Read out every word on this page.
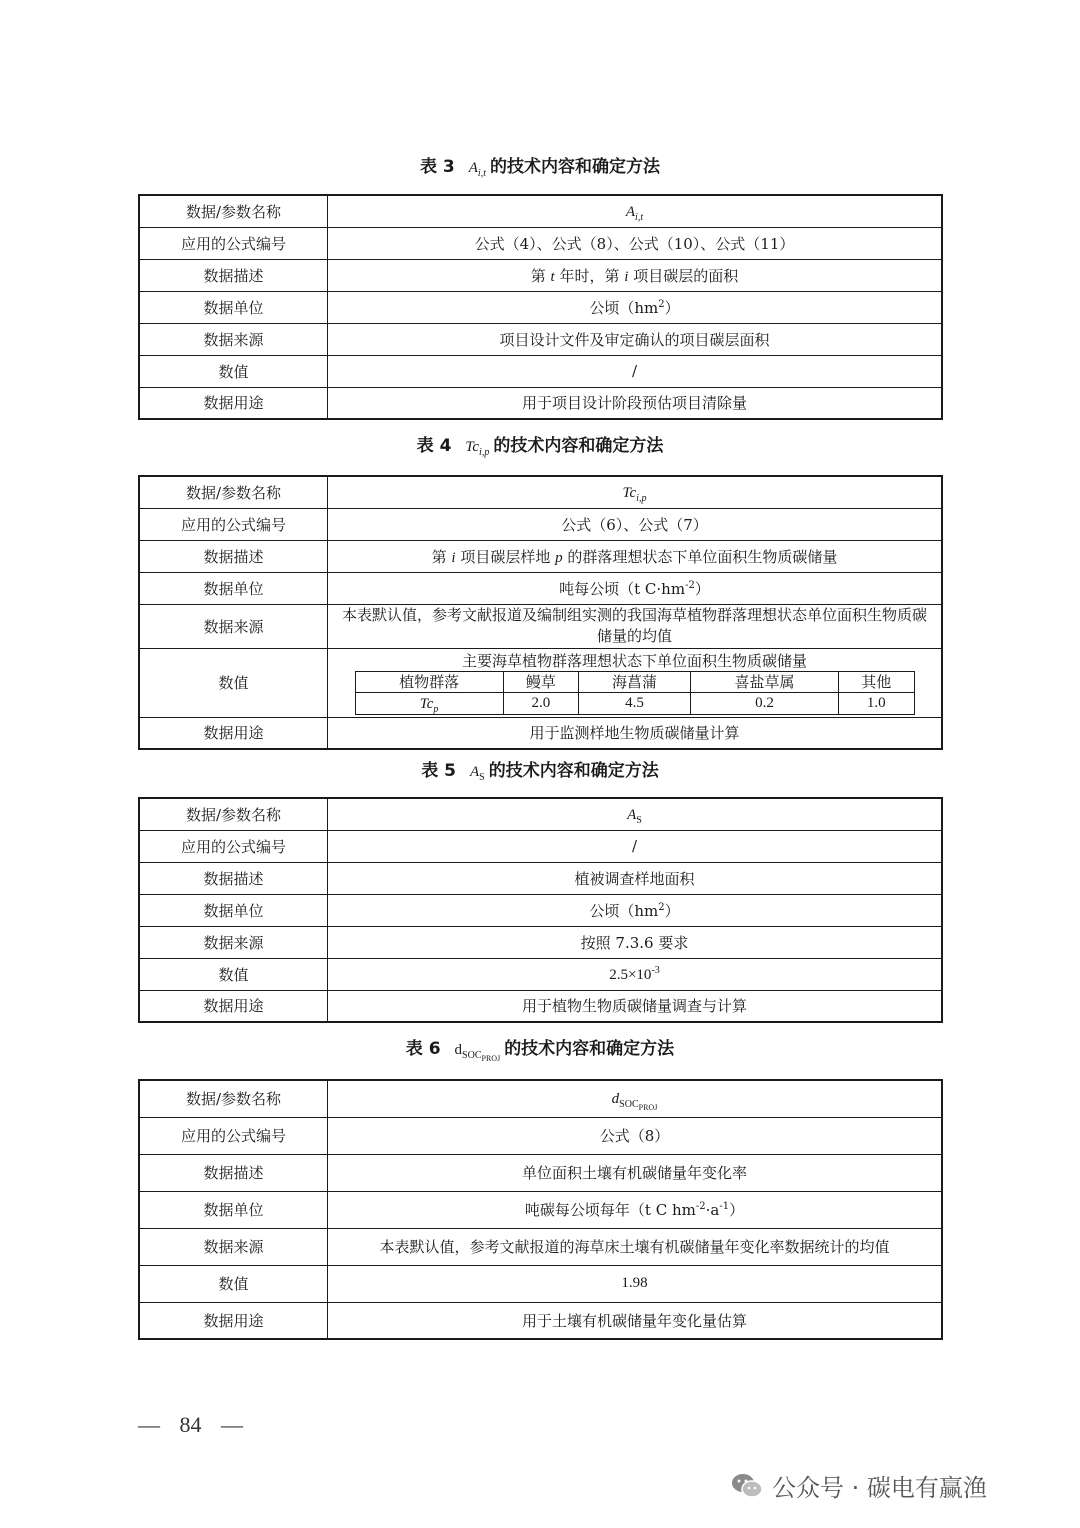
表 3 $A_{i,t}$ 的技术内容和确定方法
数据/参数名称	$A_{i,t}$
应用的公式编号	公式（4）、公式（8）、公式（10）、公式（11）
数据描述	第 t 年时，第 i 项目碳层的面积
数据单位	公顷$(hm^2)$
数据来源	项目设计文件及审定确认的项目碳层面积
数值	/
数据用途	用于项目设计阶段预估项目清除量
表 4 $Tc_{i,p}$ 的技术内容和确定方法
数据/参数名称	$Tc_{i,p}$
应用的公式编号	公式（6）、公式（7）
数据描述	第 i 项目碳层样地 p 的群落理想状态下单位面积生物质碳储量
数据单位	吨每公顷（t $C\cdot hm^{-2}$）
数据来源	本表默认值，参考文献报道及编制组实测的我国海草植物群落理想状态单位面积生物质碳储量的均值
数值	
主要海草植物群落理想状态下单位面积生物质碳储量
植物群落	鳗草	海菖蒲	喜盐草属	其他
$Tc_p$	2.0	4.5	0.2	1.0

数据用途	用于监测样地生物质碳储量计算
表 5 $A_S$ 的技术内容和确定方法
数据/参数名称	$A_S$
应用的公式编号	/
数据描述	植被调查样地面积
数据单位	公顷$(hm^2)$
数据来源	按照 7.3.6 要求
数值	$2.5\times 10^{-3}$
数据用途	用于植物生物质碳储量调查与计算
表 6 $d_{SOC_{PROJ}}$ 的技术内容和确定方法
数据/参数名称	$d_{SOC_{PROJ}}$
应用的公式编号	公式（8）
数据描述	单位面积土壤有机碳储量年变化率
数据单位	吨碳每公顷每年（t C $hm^{-2}\cdot a^{-1}$）
数据来源	本表默认值，参考文献报道的海草床土壤有机碳储量年变化率数据统计的均值
数值	1.98
数据用途	用于土壤有机碳储量年变化量估算
— 84 —
公众号 · 碳电有赢渔
